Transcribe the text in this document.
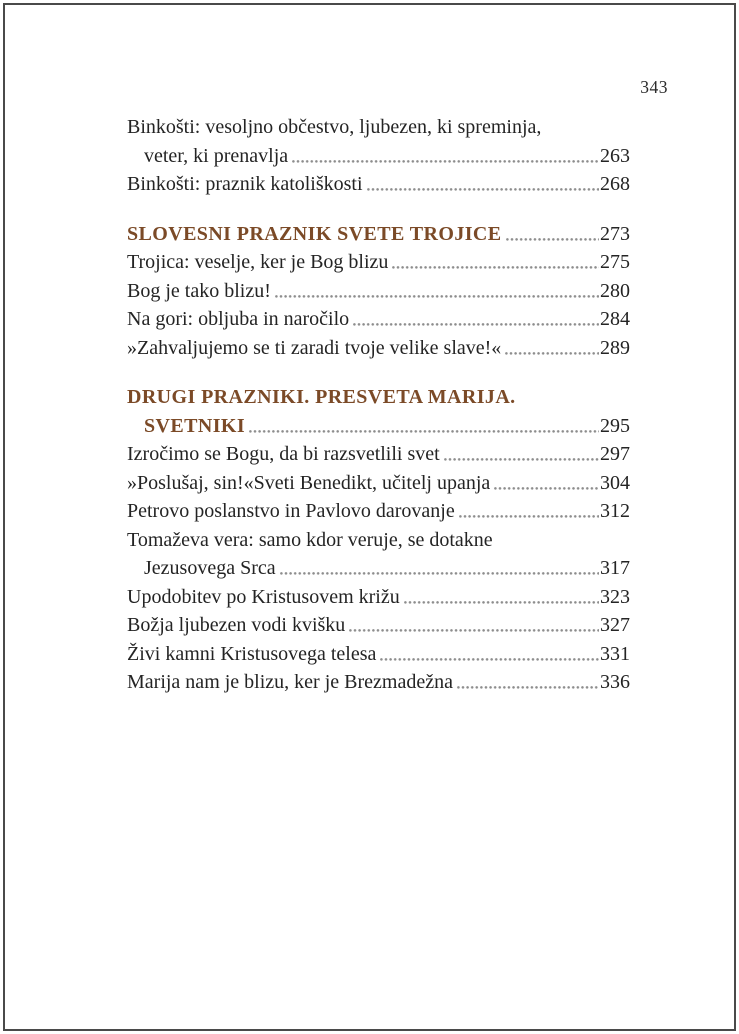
343
Binkošti: vesoljno občestvo, ljubezen, ki spreminja,
veter, ki prenavlja	263
Binkošti: praznik katoliškosti	268
SLOVESNI PRAZNIK SVETE TROJICE	273
Trojica: veselje, ker je Bog blizu	275
Bog je tako blizu!	280
Na gori: obljuba in naročilo	284
»Zahvaljujemo se ti zaradi tvoje velike slave!«	289
DRUGI PRAZNIKI. PRESVETA MARIJA.
SVETNIKI	295
Izročimo se Bogu, da bi razsvetlili svet	297
»Poslušaj, sin!«Sveti Benedikt, učitelj upanja	304
Petrovo poslanstvo in Pavlovo darovanje	312
Tomaževa vera: samo kdor veruje, se dotakne
Jezusovega Srca	317
Upodobitev po Kristusovem križu	323
Božja ljubezen vodi kvišku	327
Živi kamni Kristusovega telesa	331
Marija nam je blizu, ker je Brezmadežna	336
